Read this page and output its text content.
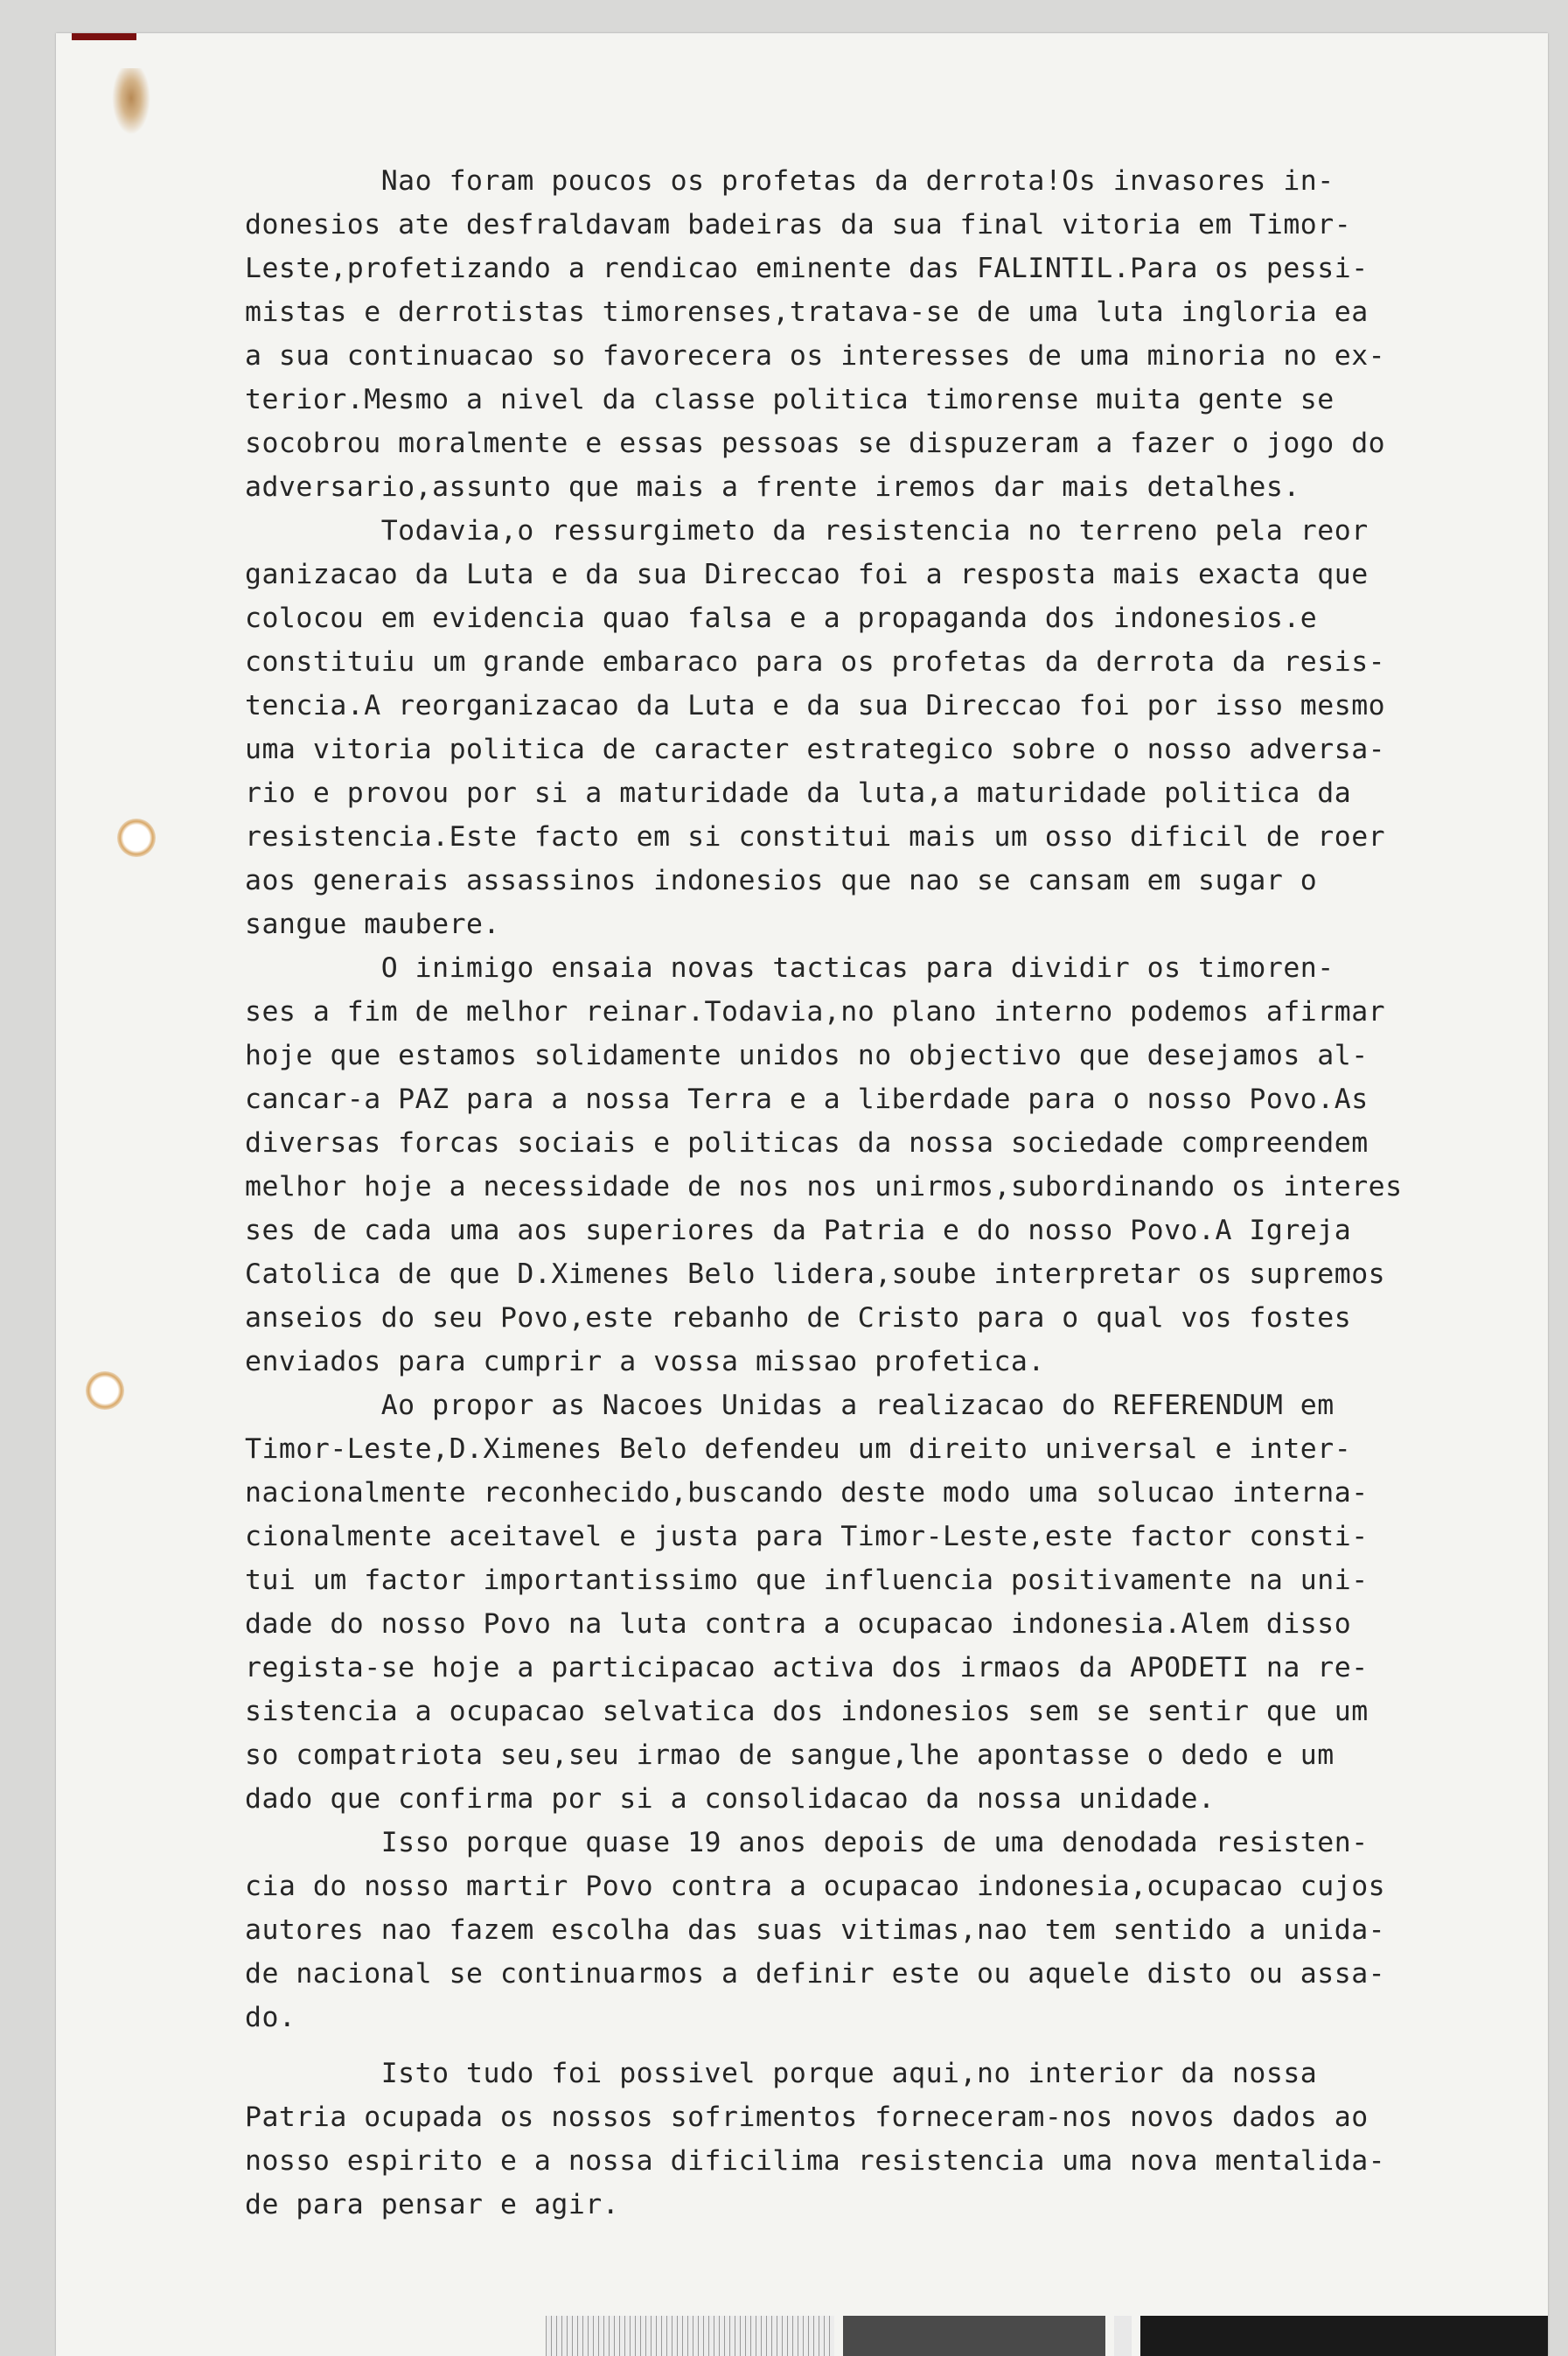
Nao foram poucos os profetas da derrota!Os invasores in-
donesios ate desfraldavam badeiras da sua final vitoria em Timor-
Leste,profetizando a rendicao eminente das FALINTIL.Para os pessi-
mistas e derrotistas timorenses,tratava-se de uma luta ingloria ea
a sua continuacao so favorecera os interesses de uma minoria no ex-
terior.Mesmo a nivel da classe politica timorense muita gente se
socobrou moralmente e essas pessoas se dispuzeram a fazer o jogo do
adversario,assunto que mais a frente iremos dar mais detalhes.
Todavia,o ressurgimeto da resistencia no terreno pela reor
ganizacao da Luta e da sua Direccao foi a resposta mais exacta que
colocou em evidencia quao falsa e a propaganda dos indonesios.e
constituiu um grande embaraco para os profetas da derrota da resis-
tencia.A reorganizacao da Luta e da sua Direccao foi por isso mesmo
uma vitoria politica de caracter estrategico sobre o nosso adversa-
rio e provou por si a maturidade da luta,a maturidade politica da
resistencia.Este facto em si constitui mais um osso dificil de roer
aos generais assassinos indonesios que nao se cansam em sugar o
sangue maubere.
O inimigo ensaia novas tacticas para dividir os timoren-
ses a fim de melhor reinar.Todavia,no plano interno podemos afirmar
hoje que estamos solidamente unidos no objectivo que desejamos al-
cancar-a PAZ para a nossa Terra e a liberdade para o nosso Povo.As
diversas forcas sociais e politicas da nossa sociedade compreendem
melhor hoje a necessidade de nos nos unirmos,subordinando os interes
ses de cada uma aos superiores da Patria e do nosso Povo.A Igreja
Catolica de que D.Ximenes Belo lidera,soube interpretar os supremos
anseios do seu Povo,este rebanho de Cristo para o qual vos fostes
enviados para cumprir a vossa missao profetica.
Ao propor as Nacoes Unidas a realizacao do REFERENDUM em
Timor-Leste,D.Ximenes Belo defendeu um direito universal e inter-
nacionalmente reconhecido,buscando deste modo uma solucao interna-
cionalmente aceitavel e justa para Timor-Leste,este factor consti-
tui um factor importantissimo que influencia positivamente na uni-
dade do nosso Povo na luta contra a ocupacao indonesia.Alem disso
regista-se hoje a participacao activa dos irmaos da APODETI na re-
sistencia a ocupacao selvatica dos indonesios sem se sentir que um
so compatriota seu,seu irmao de sangue,lhe apontasse o dedo e um
dado que confirma por si a consolidacao da nossa unidade.
Isso porque quase 19 anos depois de uma denodada resisten-
cia do nosso martir Povo contra a ocupacao indonesia,ocupacao cujos
autores nao fazem escolha das suas vitimas,nao tem sentido a unida-
de nacional se continuarmos a definir este ou aquele disto ou assa-
do.
Isto tudo foi possivel porque aqui,no interior da nossa
Patria ocupada os nossos sofrimentos forneceram-nos novos dados ao
nosso espirito e a nossa dificilima resistencia uma nova mentalida-
de para pensar e agir.
